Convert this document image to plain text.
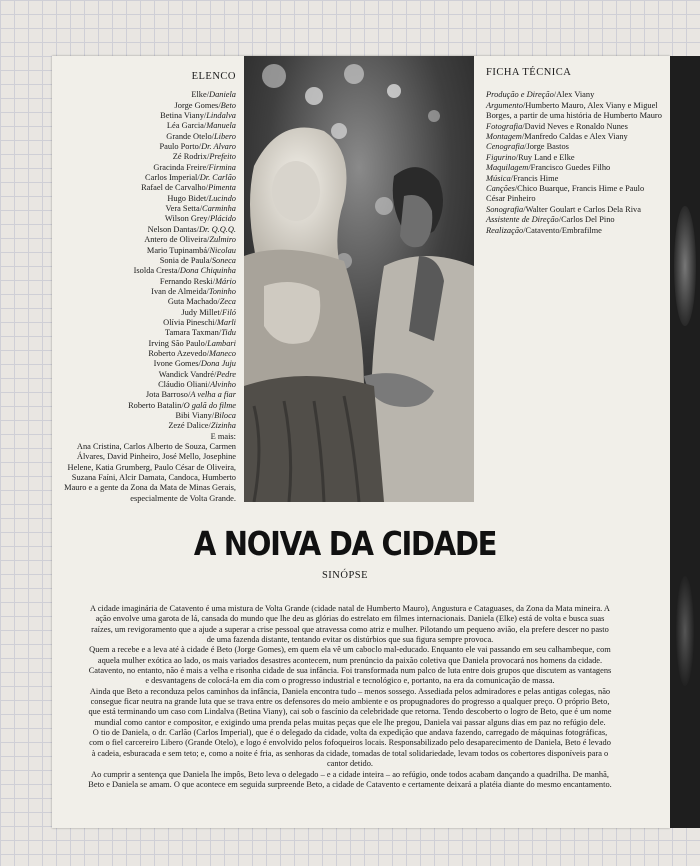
ELENCO
Elke/Daniela
Jorge Gomes/Beto
Betina Viany/Lindalva
Léa Garcia/Manuela
Grande Otelo/Libero
Paulo Porto/Dr. Alvaro
Zé Rodrix/Prefeito
Gracinda Freire/Firmina
Carlos Imperial/Dr. Carlão
Rafael de Carvalho/Pimenta
Hugo Bidet/Lucindo
Vera Setta/Carminha
Wilson Grey/Plácido
Nelson Dantas/Dr. Q.Q.Q.
Antero de Oliveira/Zulmiro
Mario Tupinambá/Nicolau
Sonia de Paula/Soneca
Isolda Cresta/Dona Chiquinha
Fernando Reski/Mário
Ivan de Almeida/Toninho
Guta Machado/Zeca
Judy Millet/Filó
Olívia Pineschi/Marli
Tamara Taxman/Tidu
Irving São Paulo/Lambari
Roberto Azevedo/Maneco
Ivone Gomes/Dona Juju
Wandick Vandré/Pedre
Cláudio Oliani/Alvinho
Jota Barroso/A velha a fiar
Roberto Batalin/O galã do filme
Bibi Viany/Biloca
Zezé Dalice/Zizinha
E mais:
Ana Cristina, Carlos Alberto de Souza, Carmen Álvares, David Pinheiro, José Mello, Josephine Helene, Katia Grumberg, Paulo César de Oliveira, Suzana Faíni, Alcir Damata, Candoca, Humberto Mauro e a gente da Zona da Mata de Minas Gerais, especialmente de Volta Grande.
FICHA TÉCNICA
Produção e Direção/Alex Viany
Argumento/Humberto Mauro, Alex Viany e Miguel Borges, a partir de uma história de Humberto Mauro
Fotografia/David Neves e Ronaldo Nunes
Montagem/Manfredo Caldas e Alex Viany
Cenografia/Jorge Bastos
Figurino/Ruy Land e Elke
Maquilagem/Francisco Guedes Filho
Música/Francis Hime
Canções/Chico Buarque, Francis Hime e Paulo César Pinheiro
Sonografia/Walter Goulart e Carlos Dela Riva
Assistente de Direção/Carlos Del Pino
Realização/Catavento/Embrafilme
A NOIVA DA CIDADE
SINÓPSE

A cidade imaginária de Catavento é uma mistura de Volta Grande (cidade natal de Humberto Mauro), Angustura e Cataguases, da Zona da Mata mineira. A ação envolve uma garota de lá, cansada do mundo que lhe deu as glórias do estrelato em filmes internacionais. Daniela (Elke) está de volta e busca suas raízes, um revigoramento que a ajude a superar a crise pessoal que atravessa como atriz e mulher. Pilotando um pequeno avião, ela prefere descer no pasto de uma fazenda distante, tentando evitar os distúrbios que sua figura sempre provoca.

Quem a recebe e a leva até à cidade é Beto (Jorge Gomes), em quem ela vê um caboclo mal-educado. Enquanto ele vai passando em seu calhambeque, com aquela mulher exótica ao lado, os mais variados desastres acontecem, num prenúncio da paixão coletiva que Daniela provocará nos homens da cidade. Catavento, no entanto, não é mais a velha e risonha cidade de sua infância. Foi transformada num palco de luta entre dois grupos que discutem as vantagens e desvantagens de colocá-la em dia com o progresso industrial e tecnológico e, portanto, na era da comunicação de massa.

Ainda que Beto a reconduza pelos caminhos da infância, Daniela encontra tudo – menos sossego. Assediada pelos admiradores e pelas antigas colegas, não consegue ficar neutra na grande luta que se trava entre os defensores do meio ambiente e os propugnadores do progresso a qualquer preço. O próprio Beto, que está terminando um caso com Lindalva (Betina Viany), cai sob o fascínio da celebridade que retorna. Tendo descoberto o logro de Beto, que é um nome mundial como cantor e compositor, e exigindo uma prenda pelas muitas peças que ele lhe pregou, Daniela vai passar alguns dias em paz no refúgio dele.

O tio de Daniela, o dr. Carlão (Carlos Imperial), que é o delegado da cidade, volta da expedição que andava fazendo, carregado de máquinas fotográficas, com o fiel carcereiro Libero (Grande Otelo), e logo é envolvido pelos fofoqueiros locais. Responsabilizado pelo desaparecimento de Daniela, Beto é levado à cadeia, esburacada e sem teto; e, como a noite é fria, as senhoras da cidade, tomadas de total solidariedade, levam todos os cobertores disponíveis para o cantor detido.

Ao cumprir a sentença que Daniela lhe impôs, Beto leva o delegado – e a cidade inteira – ao refúgio, onde todos acabam dançando a quadrilha. De manhã, Beto e Daniela se amam. O que acontece em seguida surpreende Beto, a cidade de Catavento e certamente deixará a platéia diante do mesmo encantamento.
